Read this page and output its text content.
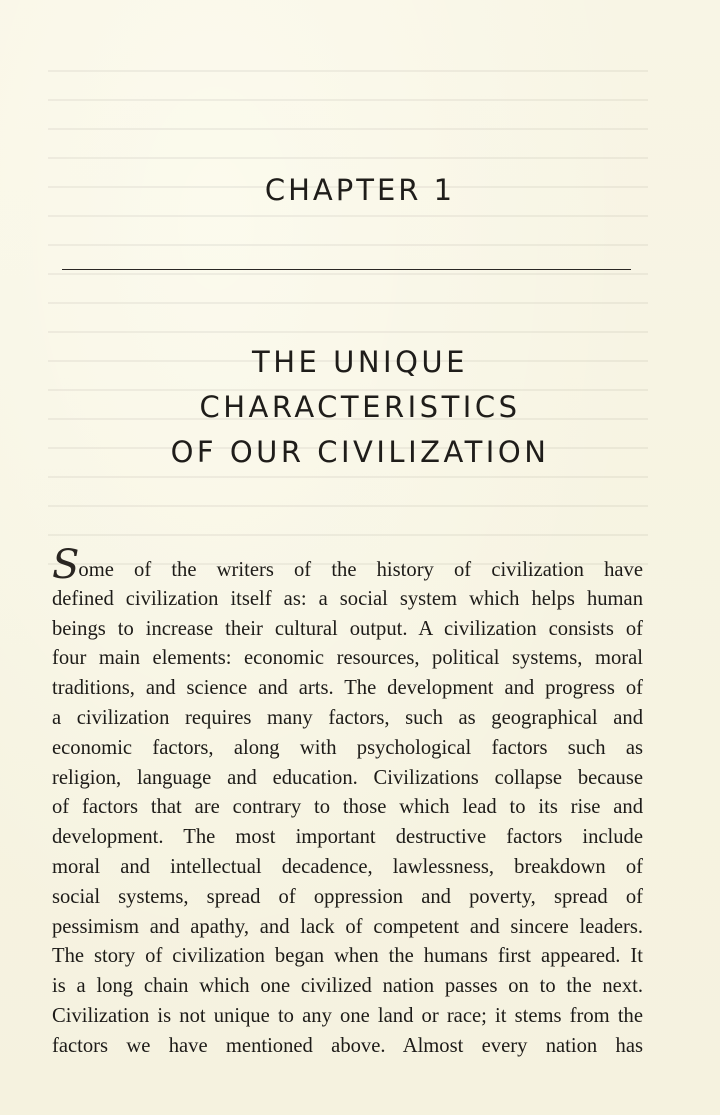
CHAPTER 1
THE UNIQUE
CHARACTERISTICS
OF OUR CIVILIZATION
Some of the writers of the history of civilization have
defined civilization itself as: a social system which helps human
beings to increase their cultural output. A civilization consists of
four main elements: economic resources, political systems, moral
traditions, and science and arts. The development and progress of
a civilization requires many factors, such as geographical and
economic factors, along with psychological factors such as
religion, language and education. Civilizations collapse because
of factors that are contrary to those which lead to its rise and
development. The most important destructive factors include
moral and intellectual decadence, lawlessness, breakdown of
social systems, spread of oppression and poverty, spread of
pessimism and apathy, and lack of competent and sincere leaders.
The story of civilization began when the humans first appeared. It
is a long chain which one civilized nation passes on to the next.
Civilization is not unique to any one land or race; it stems from the
factors we have mentioned above. Almost every nation has
